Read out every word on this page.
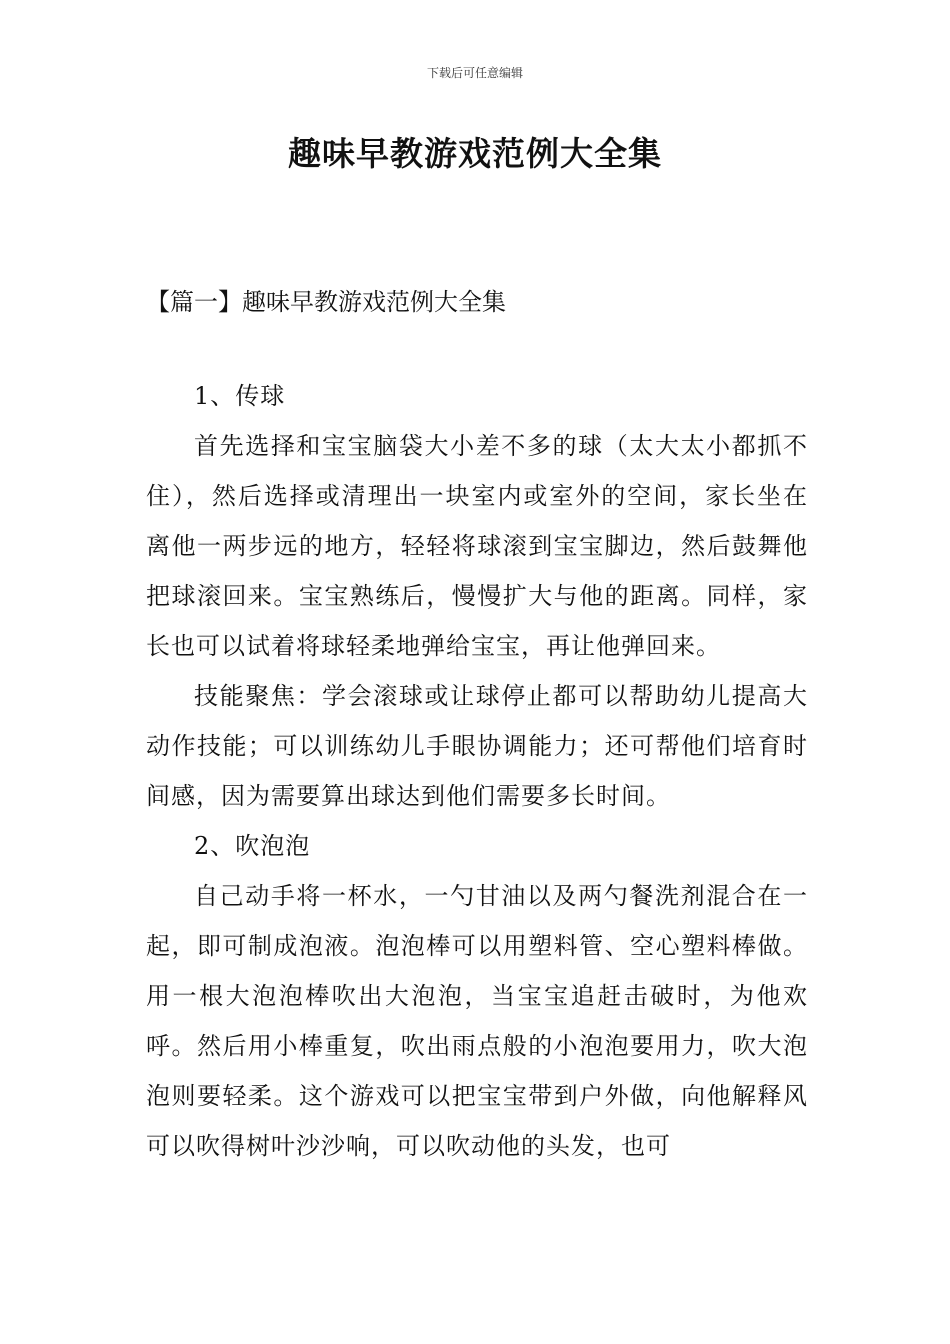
下载后可任意编辑
趣味早教游戏范例大全集
【篇一】趣味早教游戏范例大全集

1、传球

首先选择和宝宝脑袋大小差不多的球（太大太小都抓不住），然后选择或清理出一块室内或室外的空间，家长坐在离他一两步远的地方，轻轻将球滚到宝宝脚边，然后鼓舞他把球滚回来。宝宝熟练后，慢慢扩大与他的距离。同样，家长也可以试着将球轻柔地弹给宝宝，再让他弹回来。

技能聚焦：学会滚球或让球停止都可以帮助幼儿提高大动作技能；可以训练幼儿手眼协调能力；还可帮他们培育时间感，因为需要算出球达到他们需要多长时间。

2、吹泡泡

自己动手将一杯水，一勺甘油以及两勺餐洗剂混合在一起，即可制成泡液。泡泡棒可以用塑料管、空心塑料棒做。用一根大泡泡棒吹出大泡泡，当宝宝追赶击破时，为他欢呼。然后用小棒重复，吹出雨点般的小泡泡要用力，吹大泡泡则要轻柔。这个游戏可以把宝宝带到户外做，向他解释风可以吹得树叶沙沙响，可以吹动他的头发，也可
